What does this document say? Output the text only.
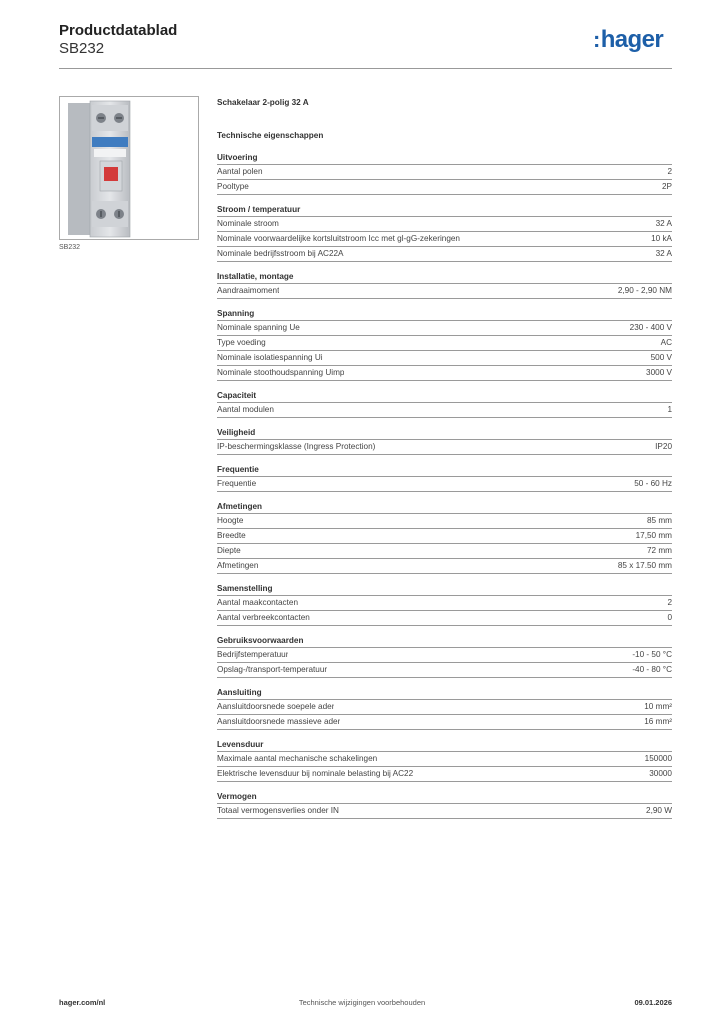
Productdatablad
SB232	:hager
SB232
Schakelaar 2-polig 32 A
Technische eigenschappen
Uitvoering
Aantal polen	2
Pooltype	2P
Stroom / temperatuur
Nominale stroom	32 A
Nominale voorwaardelijke kortsluitstroom Icc met gl-gG-zekeringen	10 kA
Nominale bedrijfsstroom bij AC22A	32 A
Installatie, montage
Aandraaimoment	2,90 - 2,90 NM
Spanning
Nominale spanning Ue	230 - 400 V
Type voeding	AC
Nominale isolatiespanning Ui	500 V
Nominale stoothoudspanning Uimp	3000 V
Capaciteit
Aantal modulen	1
Veiligheid
IP-beschermingsklasse (Ingress Protection)	IP20
Frequentie
Frequentie	50 - 60 Hz
Afmetingen
Hoogte	85 mm
Breedte	17,50 mm
Diepte	72 mm
Afmetingen	85 x 17.50 mm
Samenstelling
Aantal maakcontacten	2
Aantal verbreekcontacten	0
Gebruiksvoorwaarden
Bedrijfstemperatuur	-10 - 50 °C
Opslag-/transport-temperatuur	-40 - 80 °C
Aansluiting
Aansluitdoorsnede soepele ader	10 mm²
Aansluitdoorsnede massieve ader	16 mm²
Levensduur
Maximale aantal mechanische schakelingen	150000
Elektrische levensduur bij nominale belasting bij AC22	30000
Vermogen
Totaal vermogensverlies onder IN	2,90 W
hager.com/nl	Technische wijzigingen voorbehouden	09.01.2026
